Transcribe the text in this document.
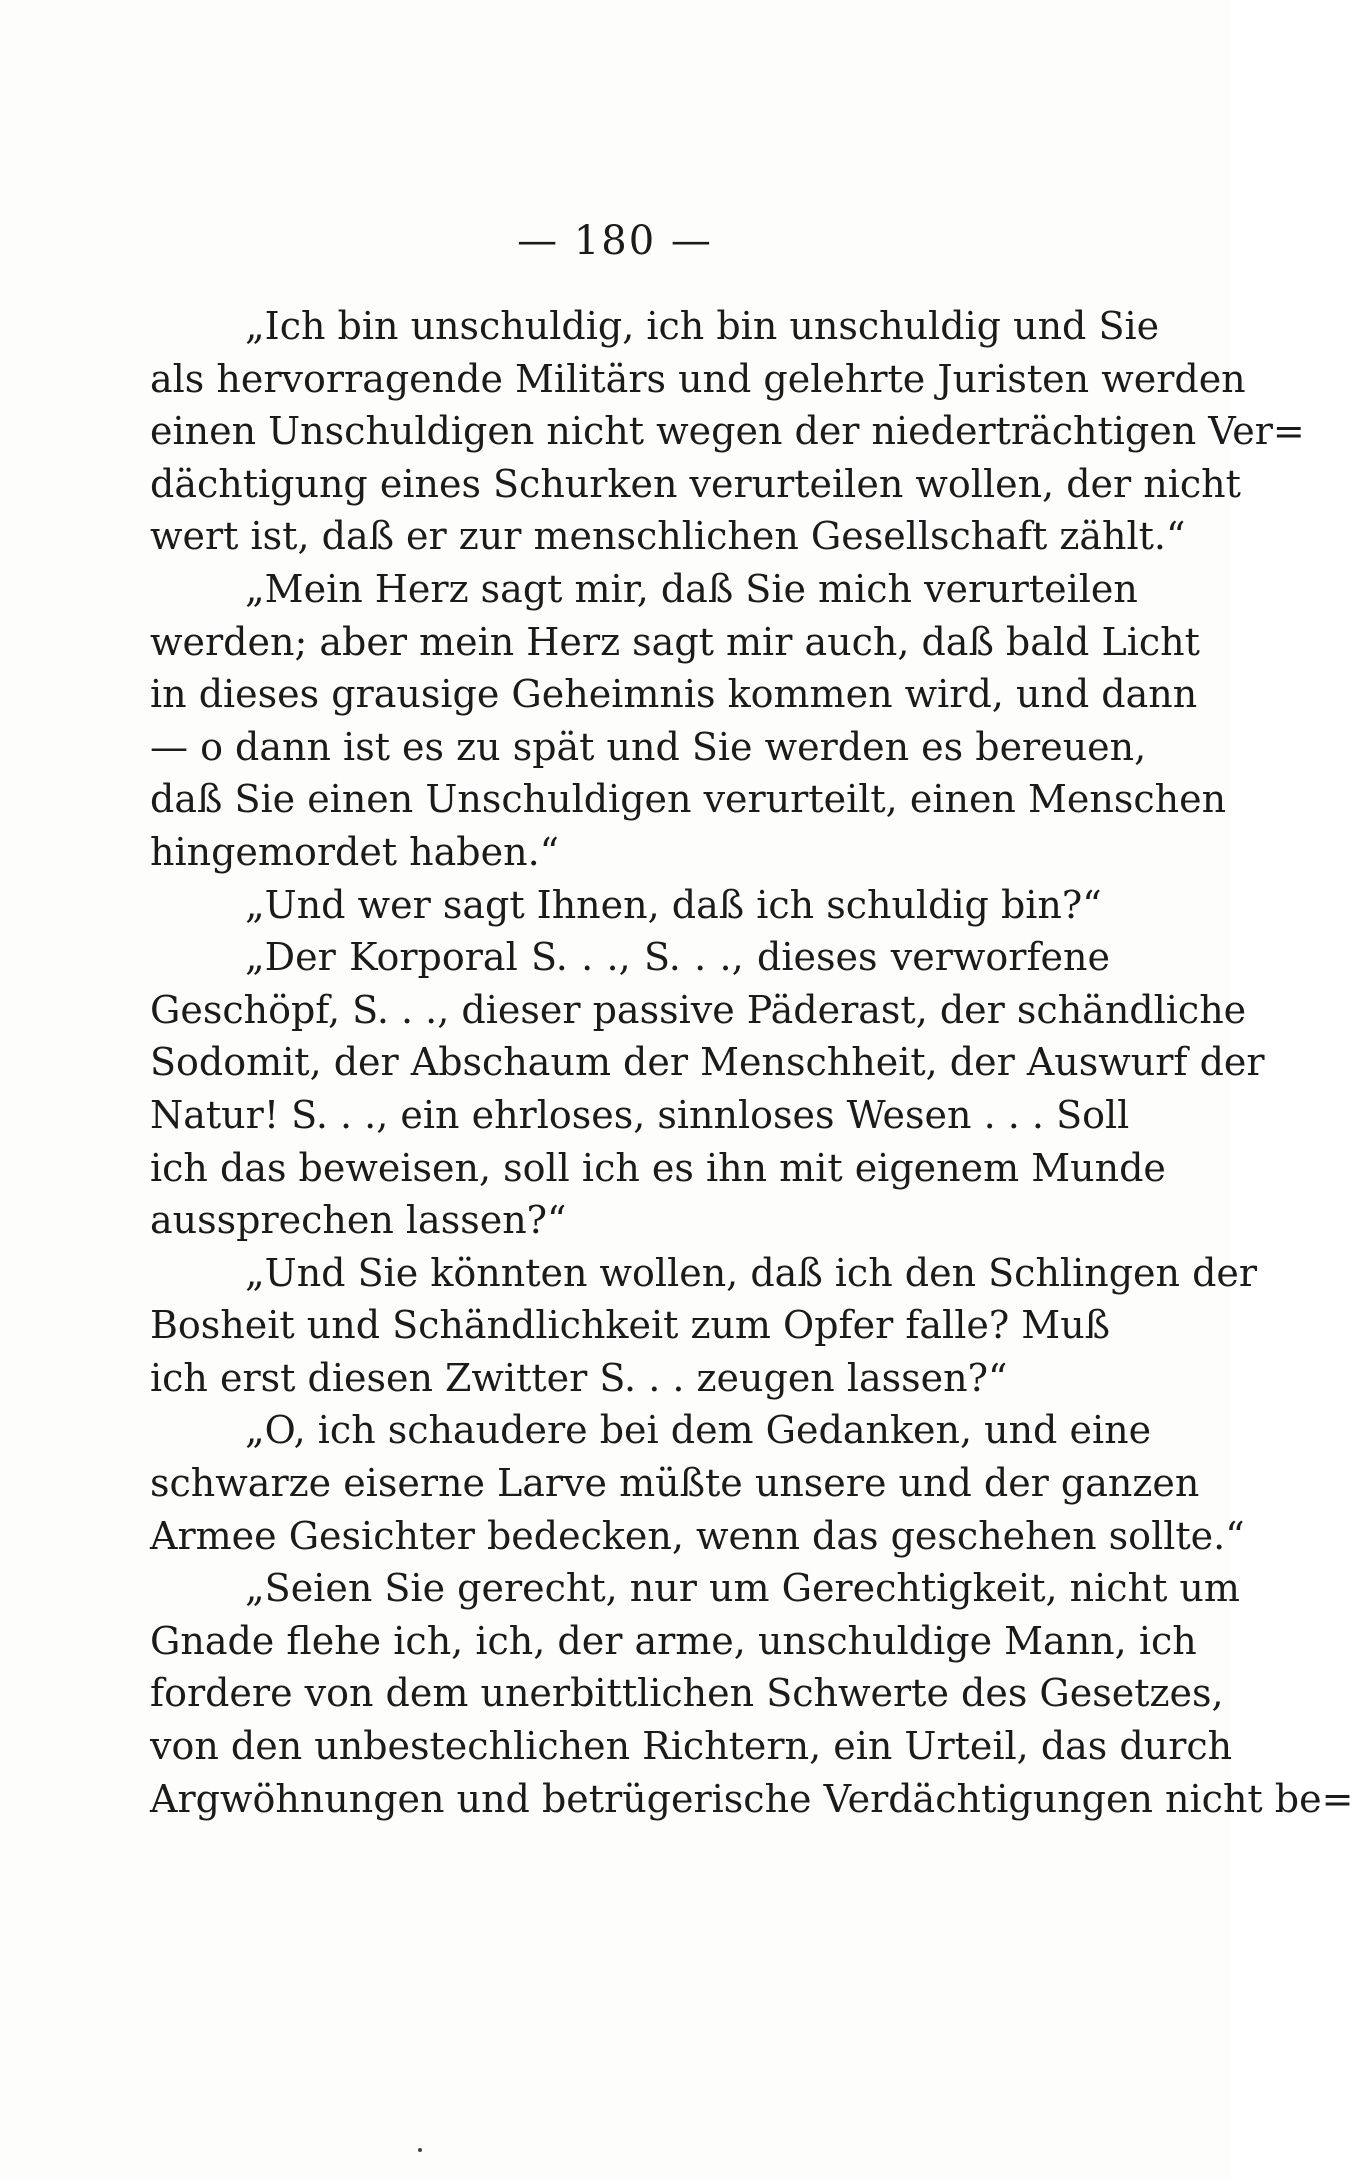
— 180 —
„Ich bin unschuldig, ich bin unschuldig und Sie
als hervorragende Militärs und gelehrte Juristen werden
einen Unschuldigen nicht wegen der niederträchtigen Ver=
dächtigung eines Schurken verurteilen wollen, der nicht
wert ist, daß er zur menschlichen Gesellschaft zählt.“
„Mein Herz sagt mir, daß Sie mich verurteilen
werden; aber mein Herz sagt mir auch, daß bald Licht
in dieses grausige Geheimnis kommen wird, und dann
— o dann ist es zu spät und Sie werden es bereuen,
daß Sie einen Unschuldigen verurteilt, einen Menschen
hingemordet haben.“
„Und wer sagt Ihnen, daß ich schuldig bin?“
„Der Korporal S. . ., S. . ., dieses verworfene
Geschöpf, S. . ., dieser passive Päderast, der schändliche
Sodomit, der Abschaum der Menschheit, der Auswurf der
Natur! S. . ., ein ehrloses, sinnloses Wesen . . . Soll
ich das beweisen, soll ich es ihn mit eigenem Munde
aussprechen lassen?“
„Und Sie könnten wollen, daß ich den Schlingen der
Bosheit und Schändlichkeit zum Opfer falle? Muß
ich erst diesen Zwitter S. . . zeugen lassen?“
„O, ich schaudere bei dem Gedanken, und eine
schwarze eiserne Larve müßte unsere und der ganzen
Armee Gesichter bedecken, wenn das geschehen sollte.“
„Seien Sie gerecht, nur um Gerechtigkeit, nicht um
Gnade flehe ich, ich, der arme, unschuldige Mann, ich
fordere von dem unerbittlichen Schwerte des Gesetzes,
von den unbestechlichen Richtern, ein Urteil, das durch
Argwöhnungen und betrügerische Verdächtigungen nicht be=
